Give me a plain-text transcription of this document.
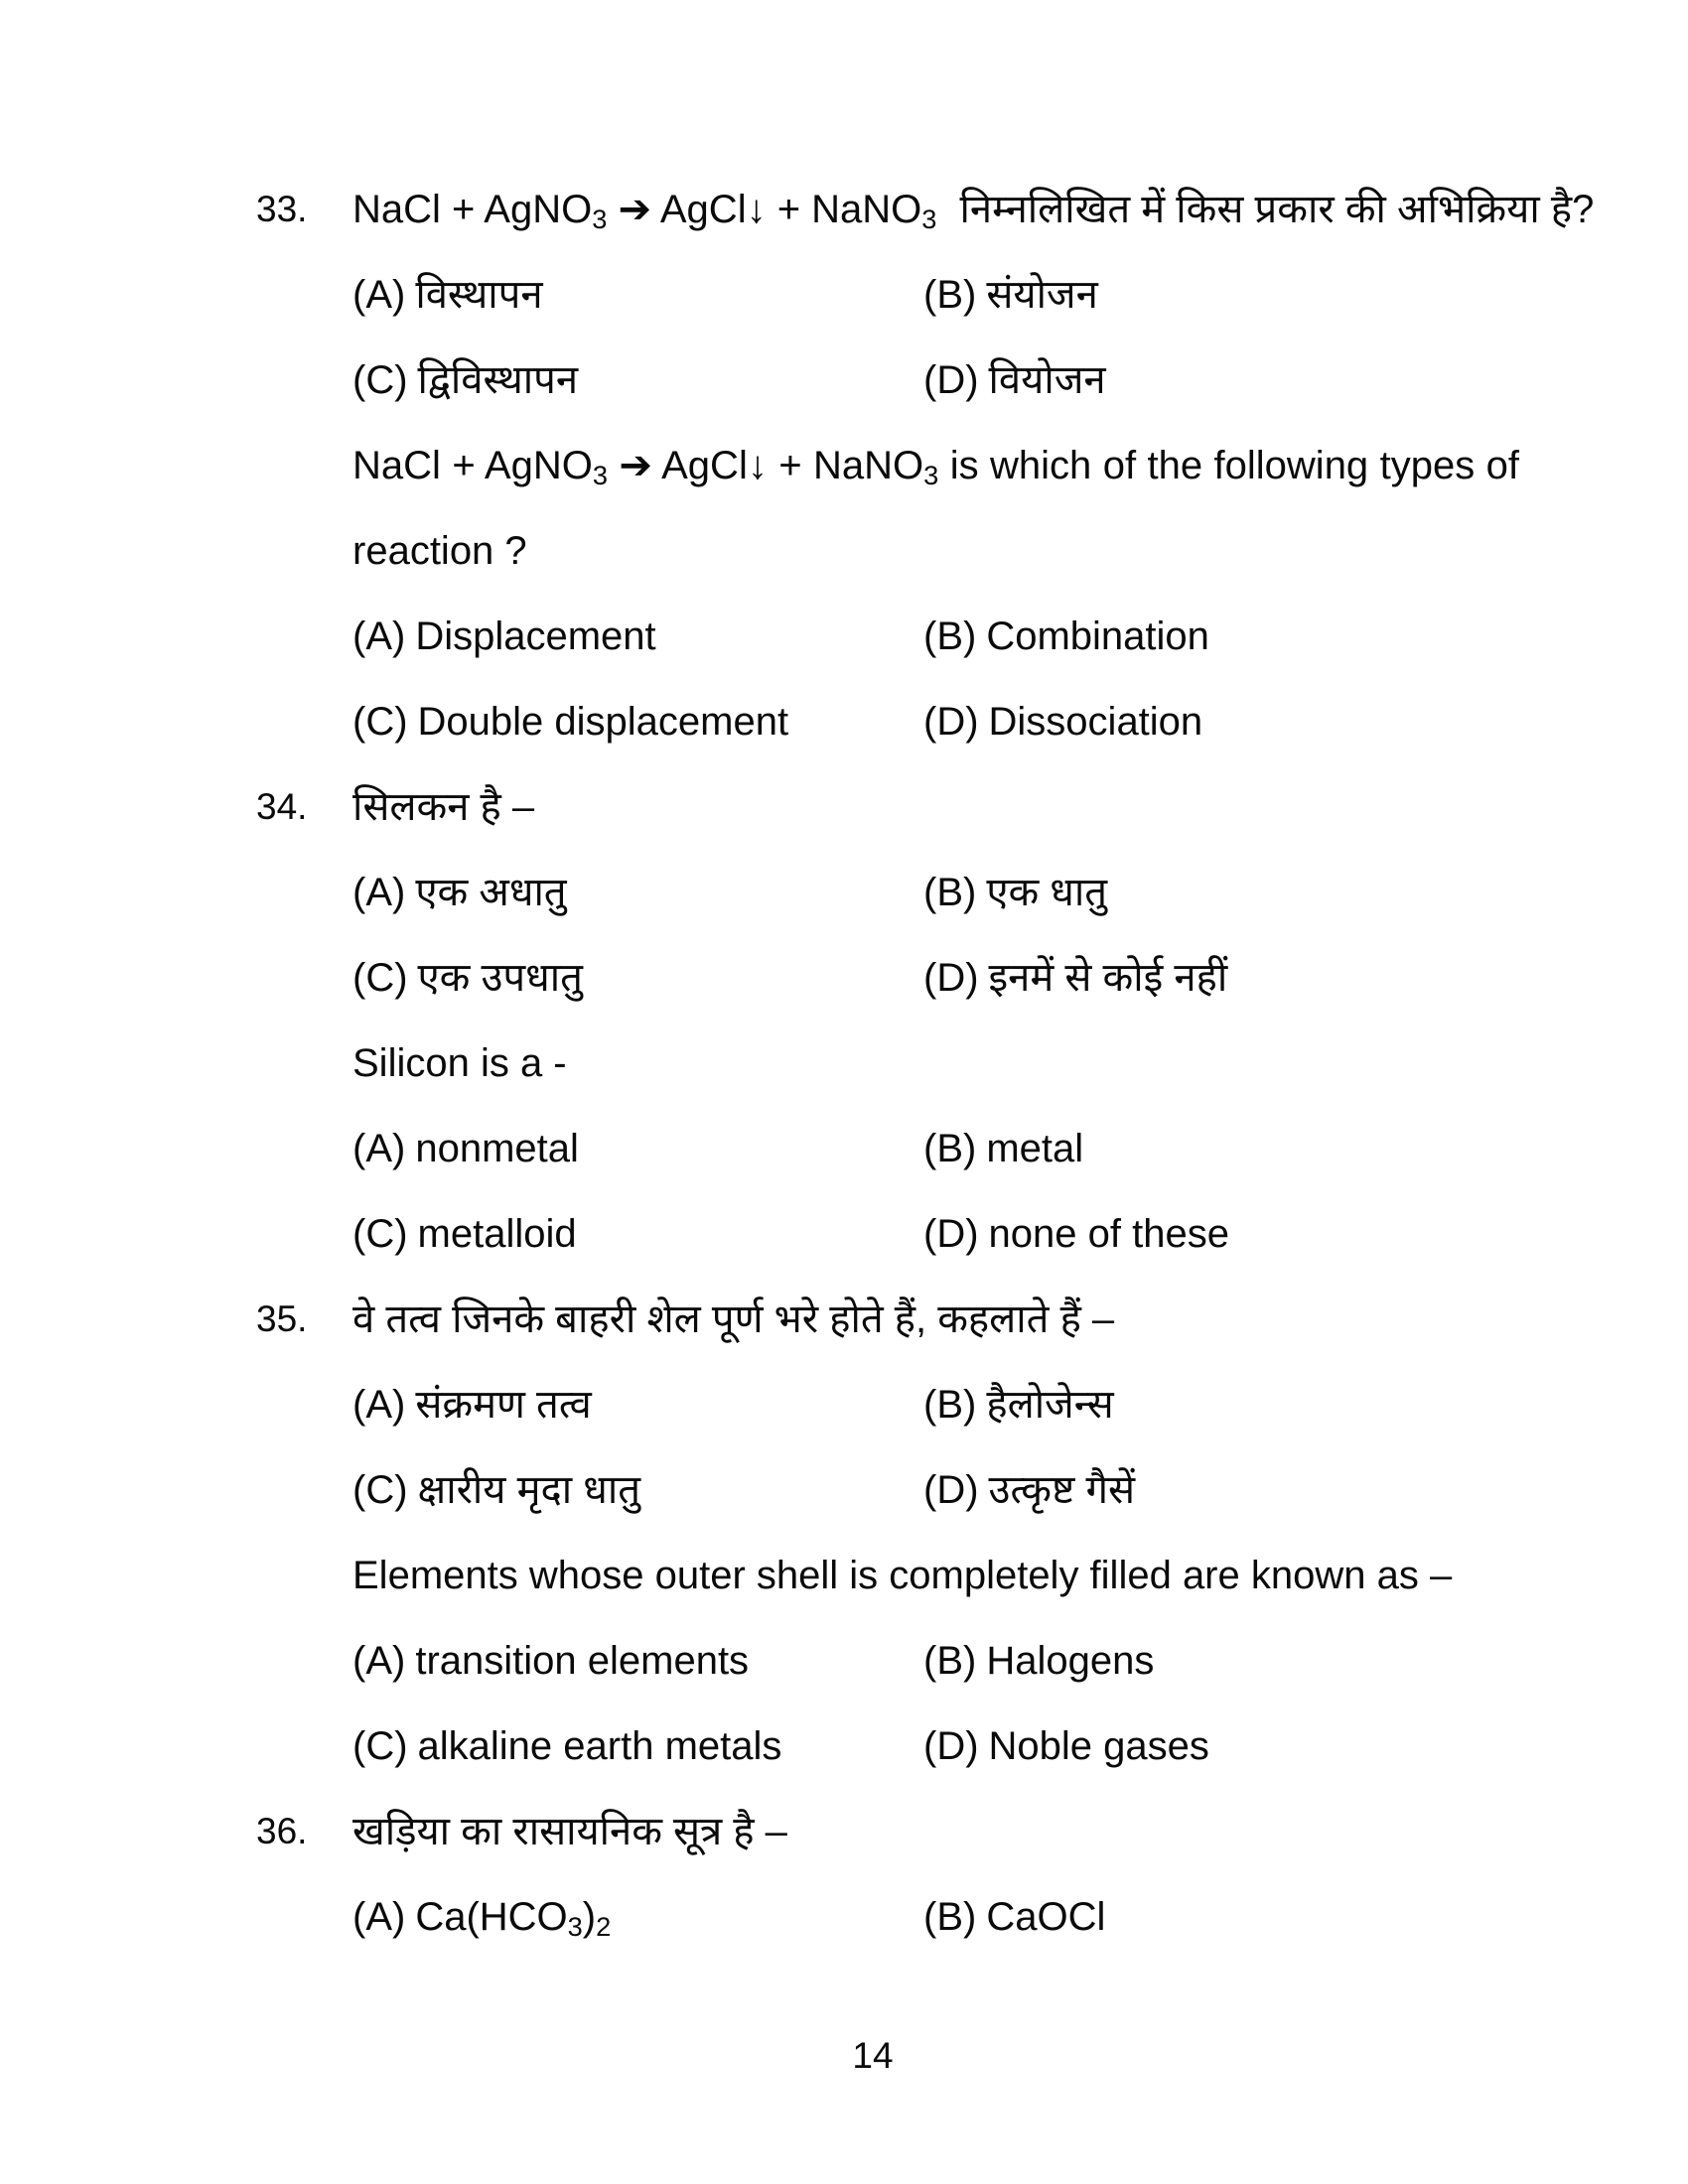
33. NaCl + AgNO$_3$ ➔ AgCl↓ + NaNO$_3$ निम्नलिखित में किस प्रकार की अभिक्रिया है?
(A) विस्थापन	(B) संयोजन
(C) द्विविस्थापन	(D) वियोजन
NaCl + AgNO$_3$ ➔ AgCl↓ + NaNO$_3$ is which of the following types of
reaction ?
(A) Displacement	(B) Combination
(C) Double displacement	(D) Dissociation
34. सिलकन है –
(A) एक अधातु	(B) एक धातु
(C) एक उपधातु	(D) इनमें से कोई नहीं
Silicon is a -
(A) nonmetal	(B) metal
(C) metalloid	(D) none of these
35. वे तत्व जिनके बाहरी शेल पूर्ण भरे होते हैं, कहलाते हैं –
(A) संक्रमण तत्व	(B) हैलोजेन्स
(C) क्षारीय मृदा धातु	(D) उत्कृष्ट गैसें
Elements whose outer shell is completely filled are known as –
(A) transition elements	(B) Halogens
(C) alkaline earth metals	(D) Noble gases
36. खड़िया का रासायनिक सूत्र है –
(A) $Ca(HCO_3)_2$	(B) CaOCl
14
